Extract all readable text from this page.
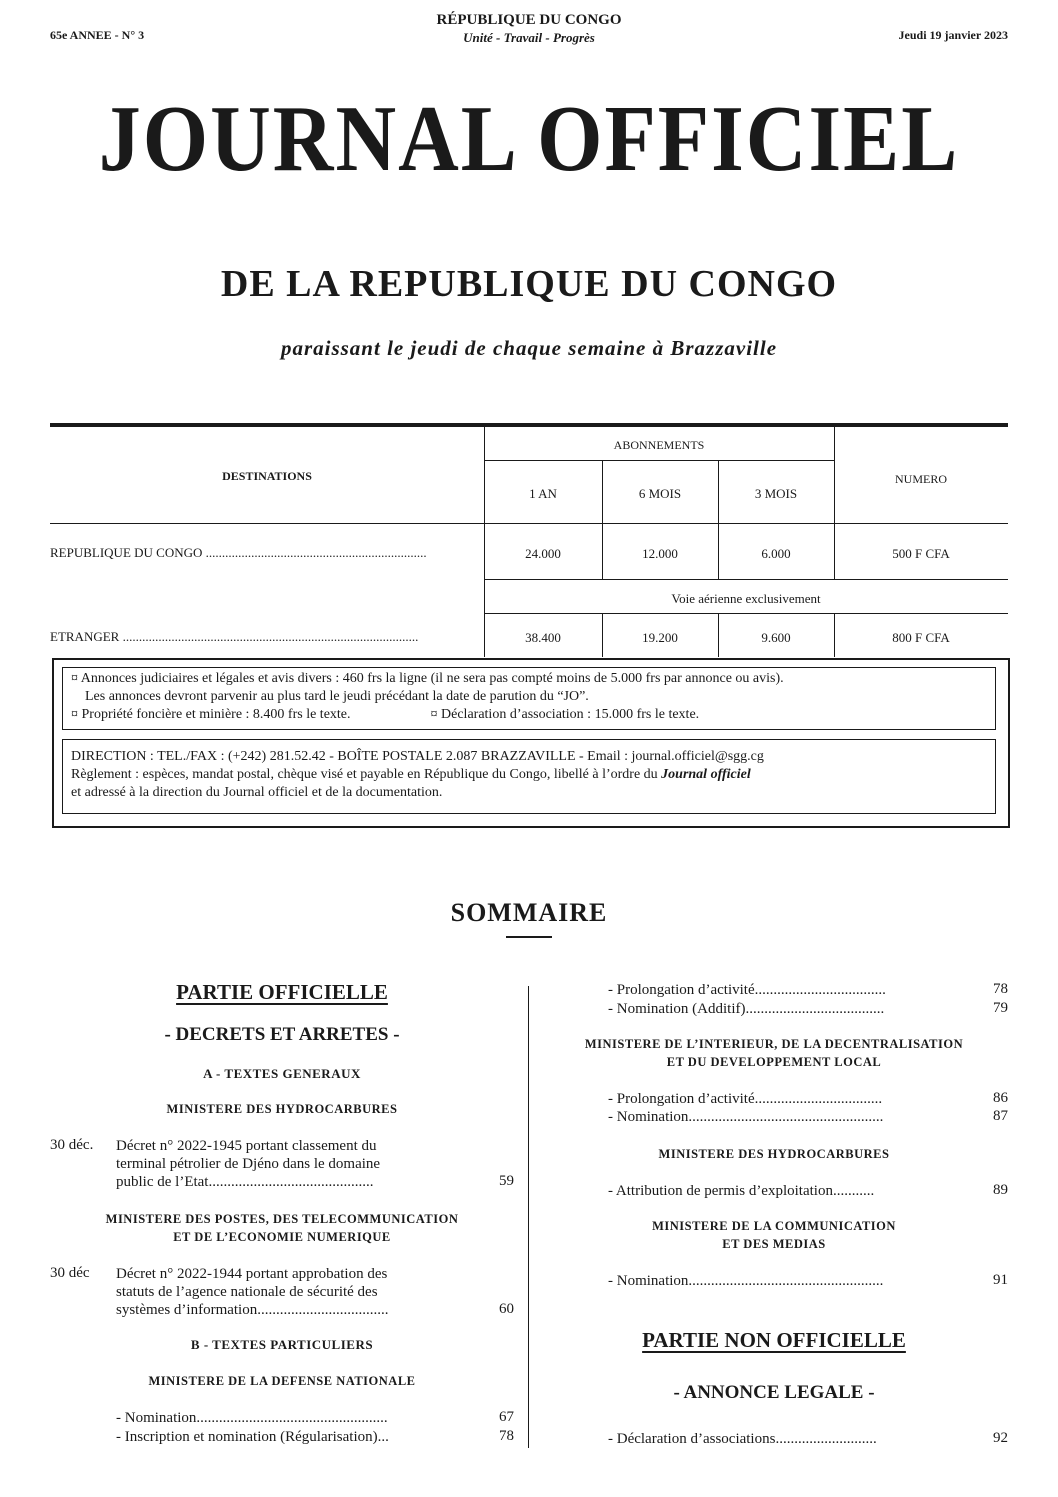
65e ANNEE - N° 3
RÉPUBLIQUE DU CONGO
Unité - Travail - Progrès	Jeudi 19 janvier 2023
JOURNAL OFFICIEL
DE LA REPUBLIQUE DU CONGO
paraissant le jeudi de chaque semaine à Brazzaville
DESTINATIONS
ABONNEMENTS
NUMERO
1 AN	6 MOIS	3 MOIS
REPUBLIQUE DU CONGO ....................................................................	24.000	12.000	6.000	500 F CFA
Voie aérienne exclusivement
ETRANGER ...........................................................................................	38.400	19.200	9.600	800 F CFA
¤ Annonces judiciaires et légales et avis divers : 460 frs la ligne (il ne sera pas compté moins de 5.000 frs par annonce ou avis).
Les annonces devront parvenir au plus tard le jeudi précédant la date de parution du “JO”.
¤ Propriété foncière et minière : 8.400 frs le texte.	¤ Déclaration d’association : 15.000 frs le texte.
DIRECTION : TEL./FAX : (+242) 281.52.42 - BOÎTE POSTALE 2.087 BRAZZAVILLE - Email : journal.officiel@sgg.cg
Règlement : espèces, mandat postal, chèque visé et payable en République du Congo, libellé à l’ordre du Journal officiel
et adressé à la direction du Journal officiel et de la documentation.
SOMMAIRE
PARTIE OFFICIELLE
- DECRETS ET ARRETES -
A - TEXTES GENERAUX
MINISTERE DES HYDROCARBURES
30 déc. Décret n° 2022-1945 portant classement du
terminal pétrolier de Djéno dans le domaine
public de l’Etat............................................	59
MINISTERE DES POSTES, DES TELECOMMUNICATION
ET DE L’ECONOMIE NUMERIQUE
30 déc Décret n° 2022-1944 portant approbation des
statuts de l’agence nationale de sécurité des
systèmes d’information...................................	60
B - TEXTES PARTICULIERS
MINISTERE DE LA DEFENSE NATIONALE
- Nomination...................................................	67
- Inscription et nomination (Régularisation)...	78
- Prolongation d’activité...................................	78
- Nomination (Additif).....................................	79
MINISTERE DE L’INTERIEUR, DE LA DECENTRALISATION
ET DU DEVELOPPEMENT LOCAL
- Prolongation d’activité..................................	86
- Nomination....................................................	87
MINISTERE DES HYDROCARBURES
- Attribution de permis d’exploitation...........	89
MINISTERE DE LA COMMUNICATION
ET DES MEDIAS
- Nomination....................................................	91
PARTIE NON OFFICIELLE
- ANNONCE LEGALE -
- Déclaration d’associations...........................	92
